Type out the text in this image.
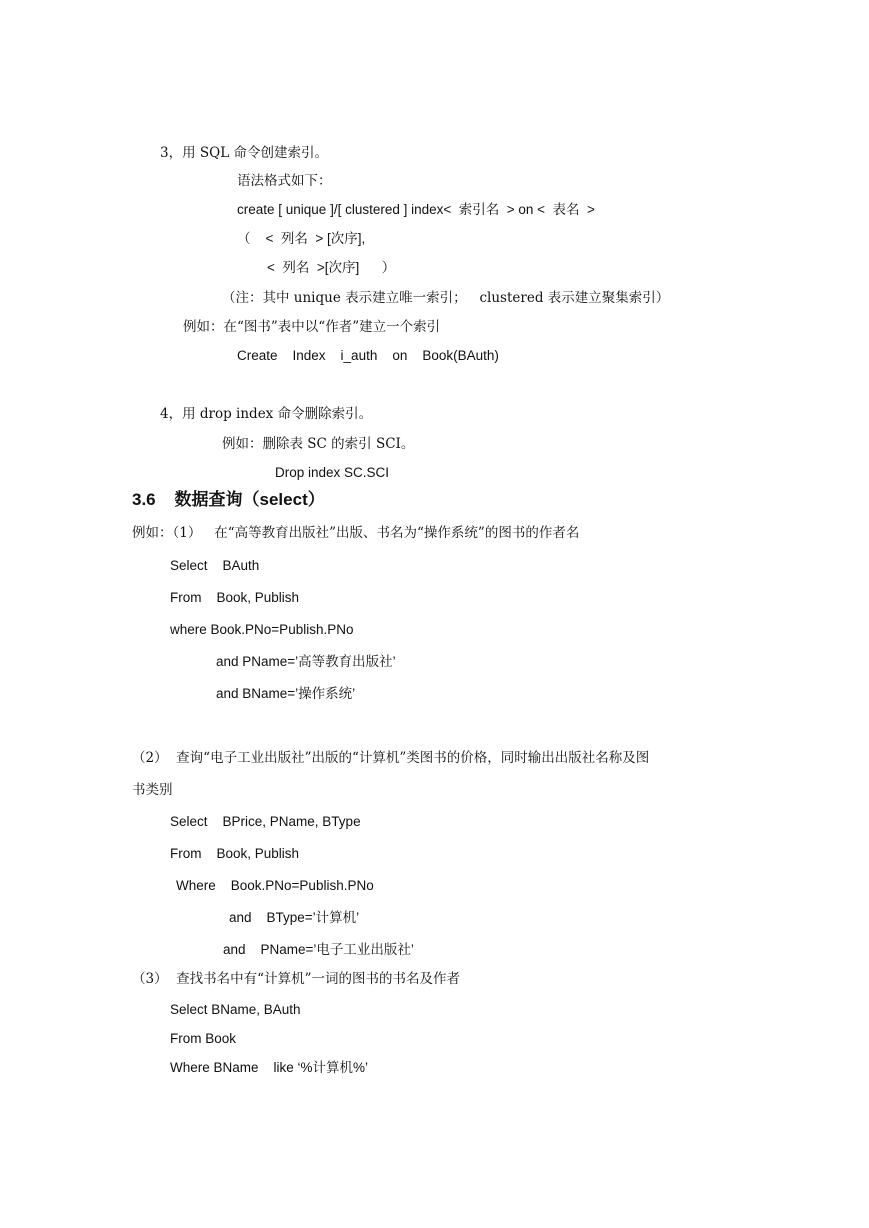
3，用 SQL 命令创建索引。
语法格式如下：
create [ unique ]/[ clustered ] index<  索引名  > on <  表名  >
（    <  列名  > [次序],
<  列名  >[次序]      ）
（注：其中 unique 表示建立唯一索引；   clustered 表示建立聚集索引）
例如：在“图书”表中以“作者”建立一个索引
Create    Index    i_auth    on    Book(BAuth)
4，用 drop index 命令删除索引。
例如：删除表 SC 的索引 SCI。
Drop index SC.SCI
3.6    数据查询（select）
例如：（1）   在“高等教育出版社”出版、书名为“操作系统”的图书的作者名
Select    BAuth
From    Book, Publish
where Book.PNo=Publish.PNo
and PName=’高等教育出版社’
and BName=’操作系统’
（2）  查询“电子工业出版社”出版的“计算机”类图书的价格，同时输出出版社名称及图
书类别
Select    BPrice, PName, BType
From    Book, Publish
Where    Book.PNo=Publish.PNo
and    BType=’计算机’
and    PName=’电子工业出版社’
（3）  查找书名中有“计算机”一词的图书的书名及作者
Select BName, BAuth
From Book
Where BName    like ‘%计算机%’
